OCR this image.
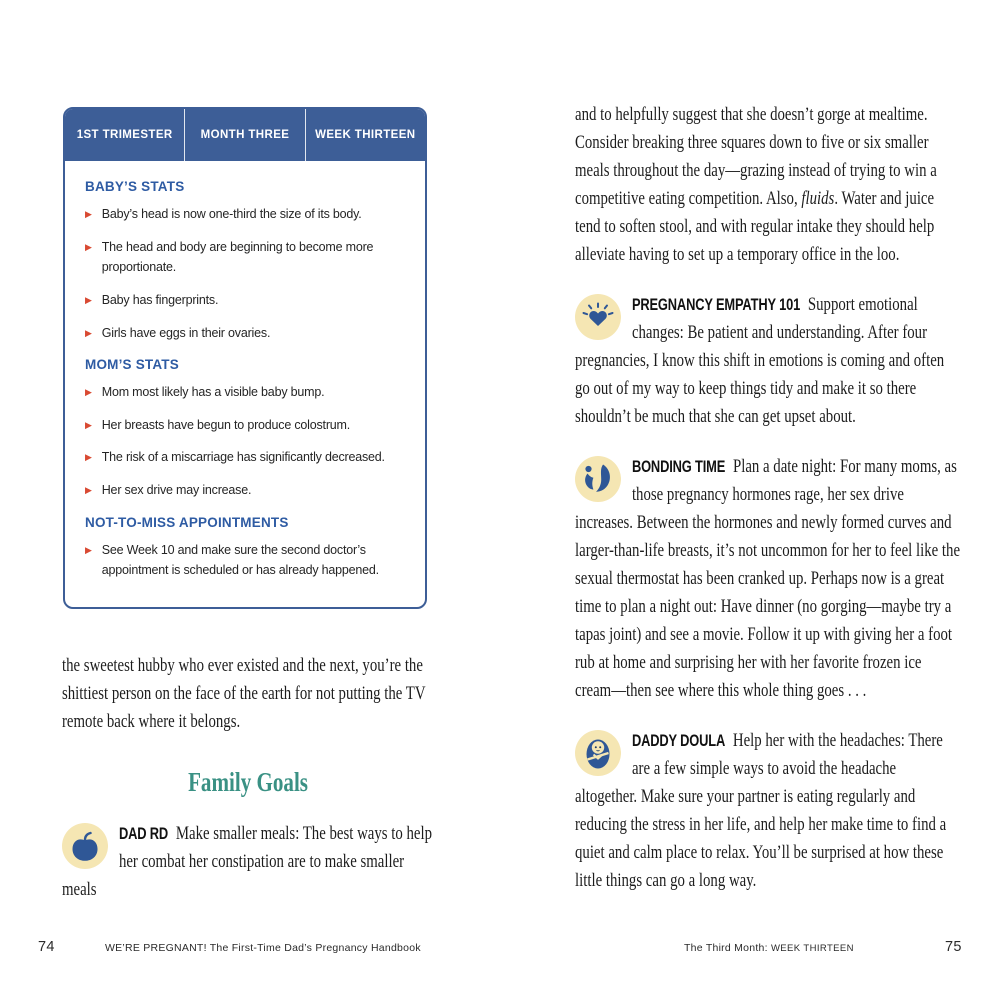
1ST TRIMESTER	MONTH THREE	WEEK THIRTEEN
BABY’S STATS
▶ Baby’s head is now one-third the size of its body.
▶ The head and body are beginning to become more proportionate.
▶ Baby has fingerprints.
▶ Girls have eggs in their ovaries.
MOM’S STATS
▶ Mom most likely has a visible baby bump.
▶ Her breasts have begun to produce colostrum.
▶ The risk of a miscarriage has significantly decreased.
▶ Her sex drive may increase.
NOT-TO-MISS APPOINTMENTS
▶ See Week 10 and make sure the second doctor’s appointment is scheduled or has already happened.

the sweetest hubby who ever existed and the next, you’re the shittiest person on the face of the earth for not putting the TV remote back where it belongs.

Family Goals

DAD RD Make smaller meals: The best ways to help her combat her constipation are to make smaller meals

and to helpfully suggest that she doesn’t gorge at mealtime. Consider breaking three squares down to five or six smaller meals throughout the day—grazing instead of trying to win a competitive eating competition. Also, fluids. Water and juice tend to soften stool, and with regular intake they should help alleviate having to set up a temporary office in the loo.

PREGNANCY EMPATHY 101 Support emotional changes: Be patient and understanding. After four pregnancies, I know this shift in emotions is coming and often go out of my way to keep things tidy and make it so there shouldn’t be much that she can get upset about.

BONDING TIME Plan a date night: For many moms, as those pregnancy hormones rage, her sex drive increases. Between the hormones and newly formed curves and larger-than-life breasts, it’s not uncommon for her to feel like the sexual thermostat has been cranked up. Perhaps now is a great time to plan a night out: Have dinner (no gorging—maybe try a tapas joint) and see a movie. Follow it up with giving her a foot rub at home and surprising her with her favorite frozen ice cream—then see where this whole thing goes . . .

DADDY DOULA Help her with the headaches: There are a few simple ways to avoid the headache altogether. Make sure your partner is eating regularly and reducing the stress in her life, and help her make time to find a quiet and calm place to relax. You’ll be surprised at how these little things can go a long way.

74	WE’RE PREGNANT! The First-Time Dad’s Pregnancy Handbook	The Third Month: WEEK THIRTEEN	75
